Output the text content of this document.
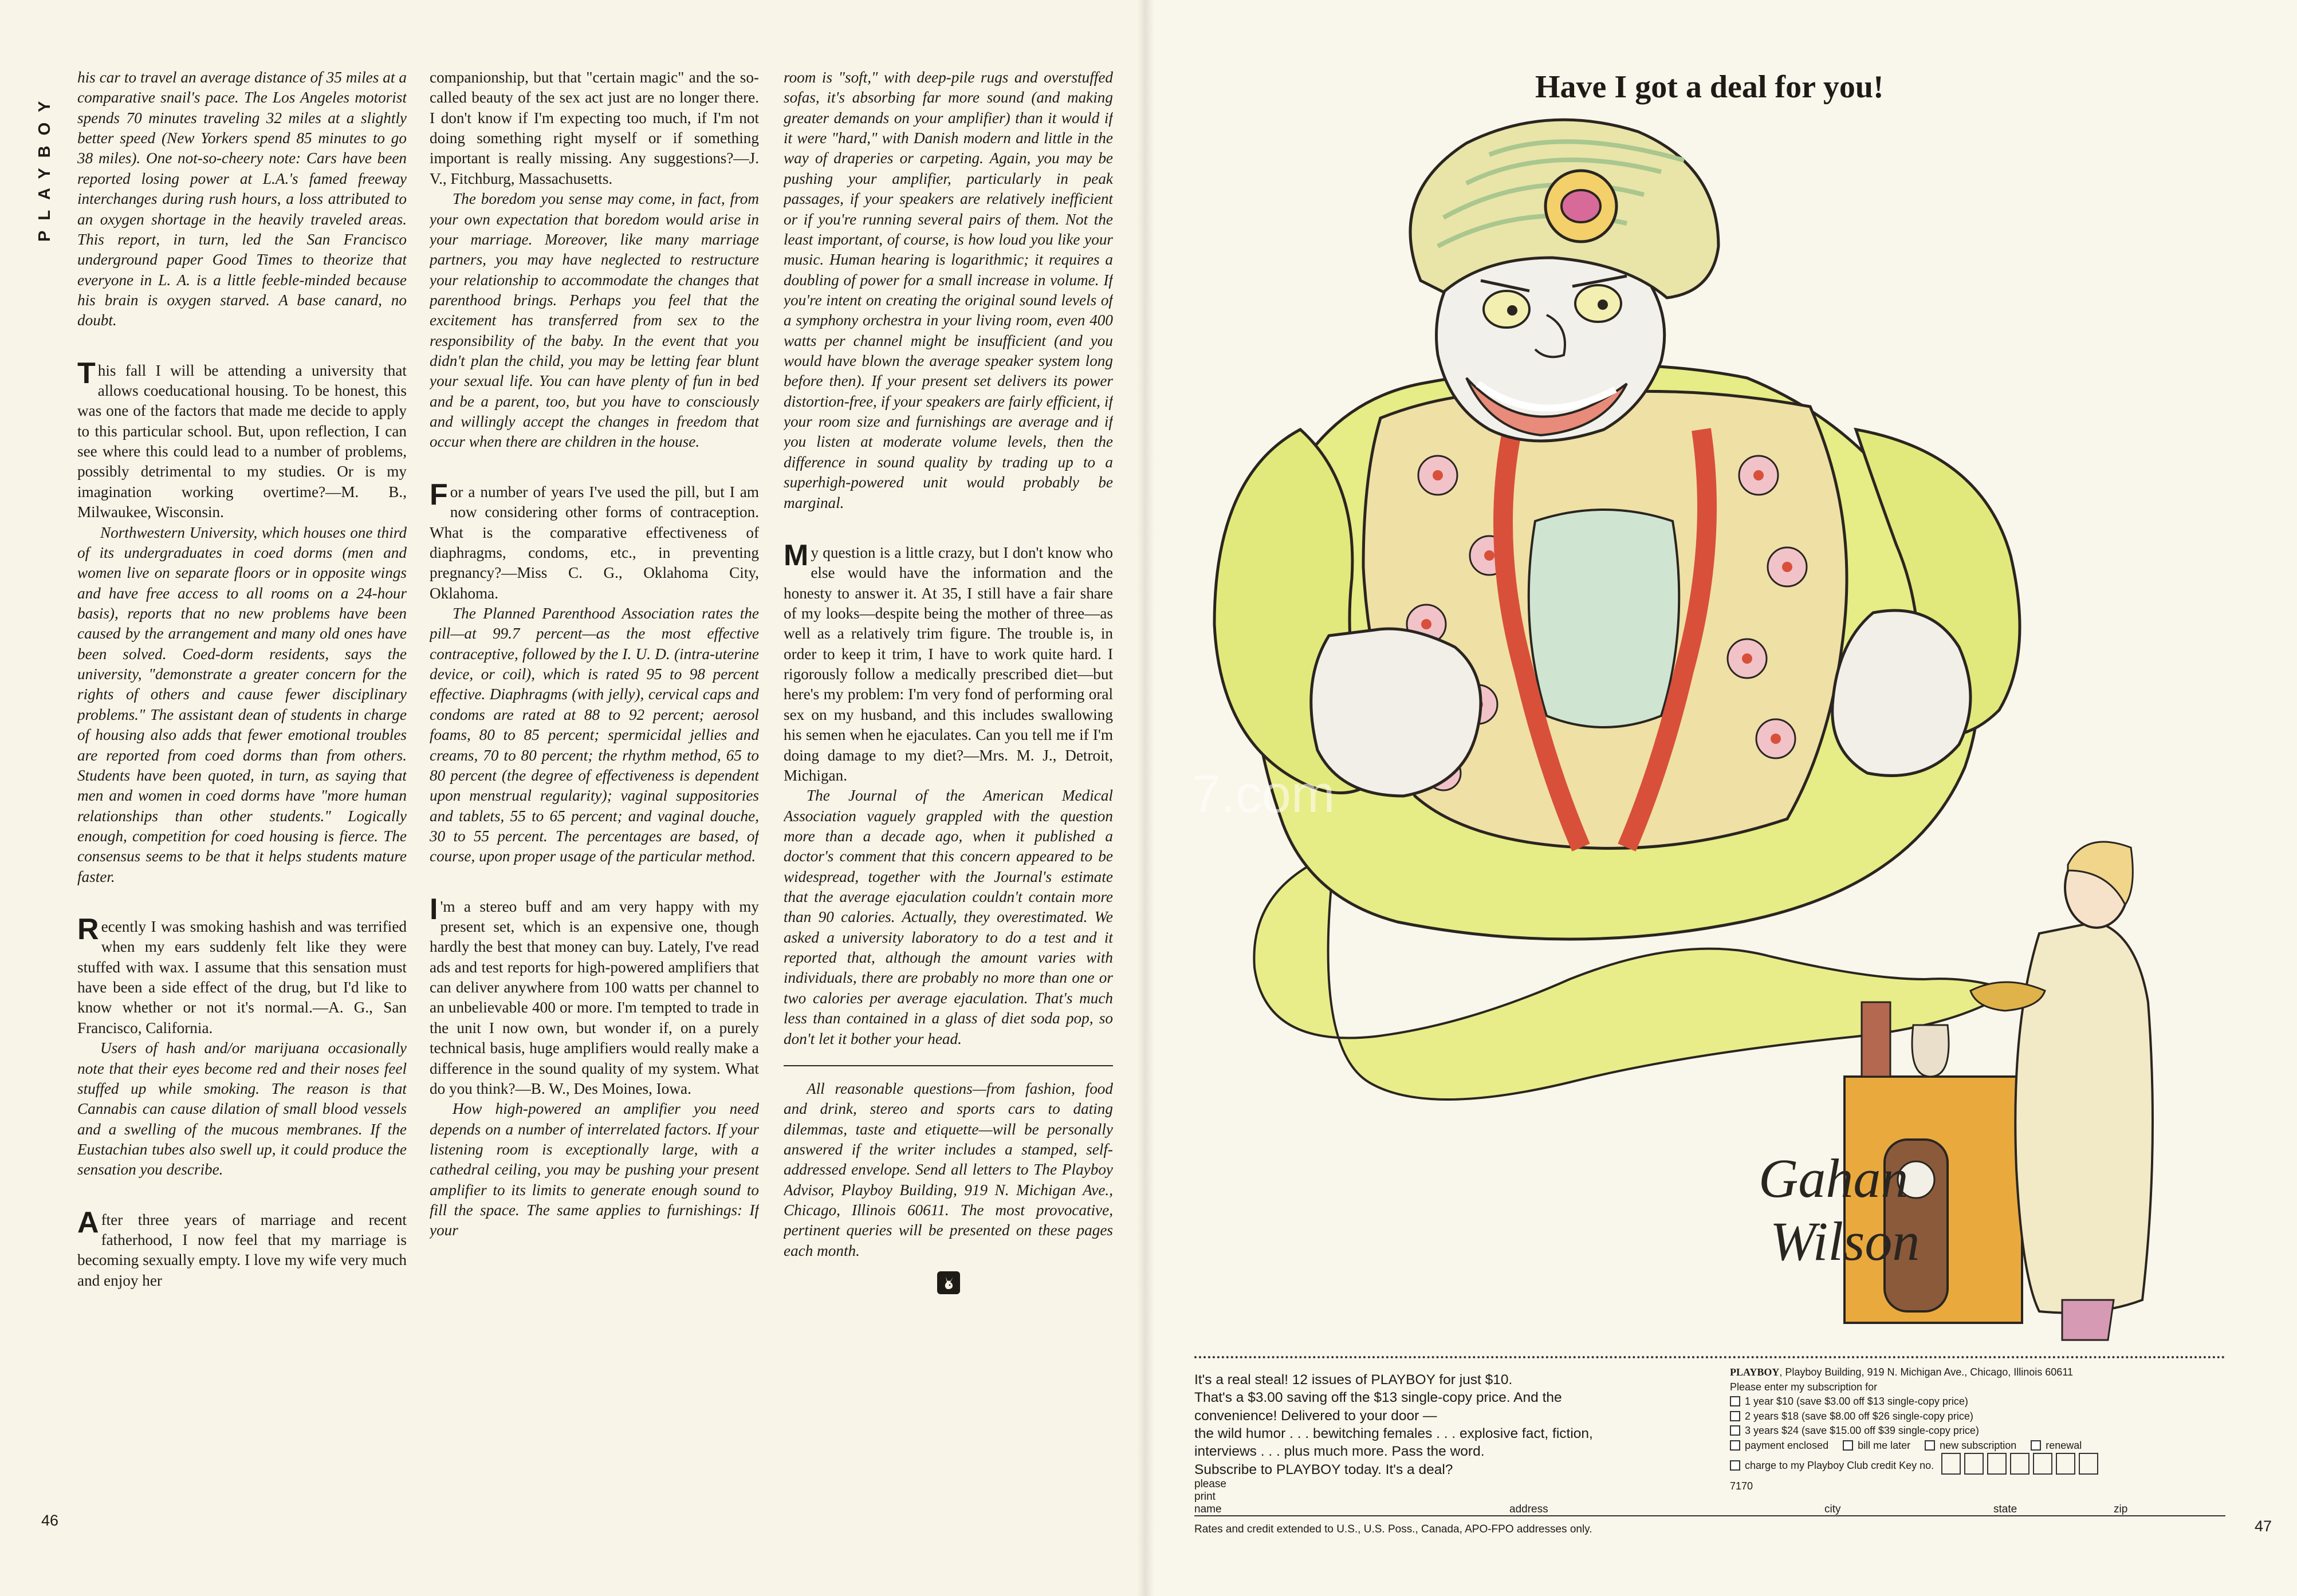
PLAYBOY

his car to travel an average distance of 35 miles at a comparative snail's pace. The Los Angeles motorist spends 70 minutes traveling 32 miles at a slightly better speed (New Yorkers spend 85 minutes to go 38 miles). One not-so-cheery note: Cars have been reported losing power at L.A.'s famed freeway interchanges during rush hours, a loss attributed to an oxygen shortage in the heavily traveled areas. This report, in turn, led the San Francisco underground paper Good Times to theorize that everyone in L. A. is a little feeble-minded because his brain is oxygen starved. A base canard, no doubt.

This fall I will be attending a university that allows coeducational housing. To be honest, this was one of the factors that made me decide to apply to this particular school. But, upon reflection, I can see where this could lead to a number of problems, possibly detrimental to my studies. Or is my imagination working overtime?—M. B., Milwaukee, Wisconsin.

Northwestern University, which houses one third of its undergraduates in coed dorms (men and women live on separate floors or in opposite wings and have free access to all rooms on a 24-hour basis), reports that no new problems have been caused by the arrangement and many old ones have been solved. Coed-dorm residents, says the university, "demonstrate a greater concern for the rights of others and cause fewer disciplinary problems." The assistant dean of students in charge of housing also adds that fewer emotional troubles are reported from coed dorms than from others. Students have been quoted, in turn, as saying that men and women in coed dorms have "more human relationships than other students." Logically enough, competition for coed housing is fierce. The consensus seems to be that it helps students mature faster.

Recently I was smoking hashish and was terrified when my ears suddenly felt like they were stuffed with wax. I assume that this sensation must have been a side effect of the drug, but I'd like to know whether or not it's normal.—A. G., San Francisco, California.

Users of hash and/or marijuana occasionally note that their eyes become red and their noses feel stuffed up while smoking. The reason is that Cannabis can cause dilation of small blood vessels and a swelling of the mucous membranes. If the Eustachian tubes also swell up, it could produce the sensation you describe.

After three years of marriage and recent fatherhood, I now feel that my marriage is becoming sexually empty. I love my wife very much and enjoy her

companionship, but that "certain magic" and the so-called beauty of the sex act just are no longer there. I don't know if I'm expecting too much, if I'm not doing something right myself or if something important is really missing. Any suggestions?—J. V., Fitchburg, Massachusetts.

The boredom you sense may come, in fact, from your own expectation that boredom would arise in your marriage. Moreover, like many marriage partners, you may have neglected to restructure your relationship to accommodate the changes that parenthood brings. Perhaps you feel that the excitement has transferred from sex to the responsibility of the baby. In the event that you didn't plan the child, you may be letting fear blunt your sexual life. You can have plenty of fun in bed and be a parent, too, but you have to consciously and willingly accept the changes in freedom that occur when there are children in the house.

For a number of years I've used the pill, but I am now considering other forms of contraception. What is the comparative effectiveness of diaphragms, condoms, etc., in preventing pregnancy?—Miss C. G., Oklahoma City, Oklahoma.

The Planned Parenthood Association rates the pill—at 99.7 percent—as the most effective contraceptive, followed by the I. U. D. (intra-uterine device, or coil), which is rated 95 to 98 percent effective. Diaphragms (with jelly), cervical caps and condoms are rated at 88 to 92 percent; aerosol foams, 80 to 85 percent; spermicidal jellies and creams, 70 to 80 percent; the rhythm method, 65 to 80 percent (the degree of effectiveness is dependent upon menstrual regularity); vaginal suppositories and tablets, 55 to 65 percent; and vaginal douche, 30 to 55 percent. The percentages are based, of course, upon proper usage of the particular method.

I 'm a stereo buff and am very happy with my present set, which is an expensive one, though hardly the best that money can buy. Lately, I've read ads and test reports for high-powered amplifiers that can deliver anywhere from 100 watts per channel to an unbelievable 400 or more. I'm tempted to trade in the unit I now own, but wonder if, on a purely technical basis, huge amplifiers would really make a difference in the sound quality of my system. What do you think?—B. W., Des Moines, Iowa.

How high-powered an amplifier you need depends on a number of interrelated factors. If your listening room is exceptionally large, with a cathedral ceiling, you may be pushing your present amplifier to its limits to generate enough sound to fill the space. The same applies to furnishings: If your

room is "soft," with deep-pile rugs and overstuffed sofas, it's absorbing far more sound (and making greater demands on your amplifier) than it would if it were "hard," with Danish modern and little in the way of draperies or carpeting. Again, you may be pushing your amplifier, particularly in peak passages, if your speakers are relatively inefficient or if you're running several pairs of them. Not the least important, of course, is how loud you like your music. Human hearing is logarithmic; it requires a doubling of power for a small increase in volume. If you're intent on creating the original sound levels of a symphony orchestra in your living room, even 400 watts per channel might be insufficient (and you would have blown the average speaker system long before then). If your present set delivers its power distortion-free, if your speakers are fairly efficient, if your room size and furnishings are average and if you listen at moderate volume levels, then the difference in sound quality by trading up to a superhigh-powered unit would probably be marginal.

My question is a little crazy, but I don't know who else would have the information and the honesty to answer it. At 35, I still have a fair share of my looks—despite being the mother of three—as well as a relatively trim figure. The trouble is, in order to keep it trim, I have to work quite hard. I rigorously follow a medically prescribed diet—but here's my problem: I'm very fond of performing oral sex on my husband, and this includes swallowing his semen when he ejaculates. Can you tell me if I'm doing damage to my diet?—Mrs. M. J., Detroit, Michigan.

The Journal of the American Medical Association vaguely grappled with the question more than a decade ago, when it published a doctor's comment that this concern appeared to be widespread, together with the Journal's estimate that the average ejaculation couldn't contain more than 90 calories. Actually, they overestimated. We asked a university laboratory to do a test and it reported that, although the amount varies with individuals, there are probably no more than one or two calories per average ejaculation. That's much less than contained in a glass of diet soda pop, so don't let it bother your head.

All reasonable questions—from fashion, food and drink, stereo and sports cars to dating dilemmas, taste and etiquette—will be personally answered if the writer includes a stamped, self-addressed envelope. Send all letters to The Playboy Advisor, Playboy Building, 919 N. Michigan Ave., Chicago, Illinois 60611. The most provocative, pertinent queries will be presented on these pages each month.

46
Have I got a deal for you!
Gahan
Wilson
7.com
It's a real steal! 12 issues of PLAYBOY for just $10.
That's a $3.00 saving off the $13 single-copy price. And the
convenience! Delivered to your door —
the wild humor . . . bewitching females . . . explosive fact, fiction,
interviews . . . plus much more. Pass the word.
Subscribe to PLAYBOY today. It's a deal?
PLAYBOY, Playboy Building, 919 N. Michigan Ave., Chicago, Illinois 60611
Please enter my subscription for
1 year $10 (save $3.00 off $13 single-copy price)
2 years $18 (save $8.00 off $26 single-copy price)
3 years $24 (save $15.00 off $39 single-copy price)
payment enclosed	bill me later	new subscription	renewal
charge to my Playboy Club credit Key no.
7170
please
print
name	address	city	state	zip
Rates and credit extended to U.S., U.S. Poss., Canada, APO-FPO addresses only.	47
